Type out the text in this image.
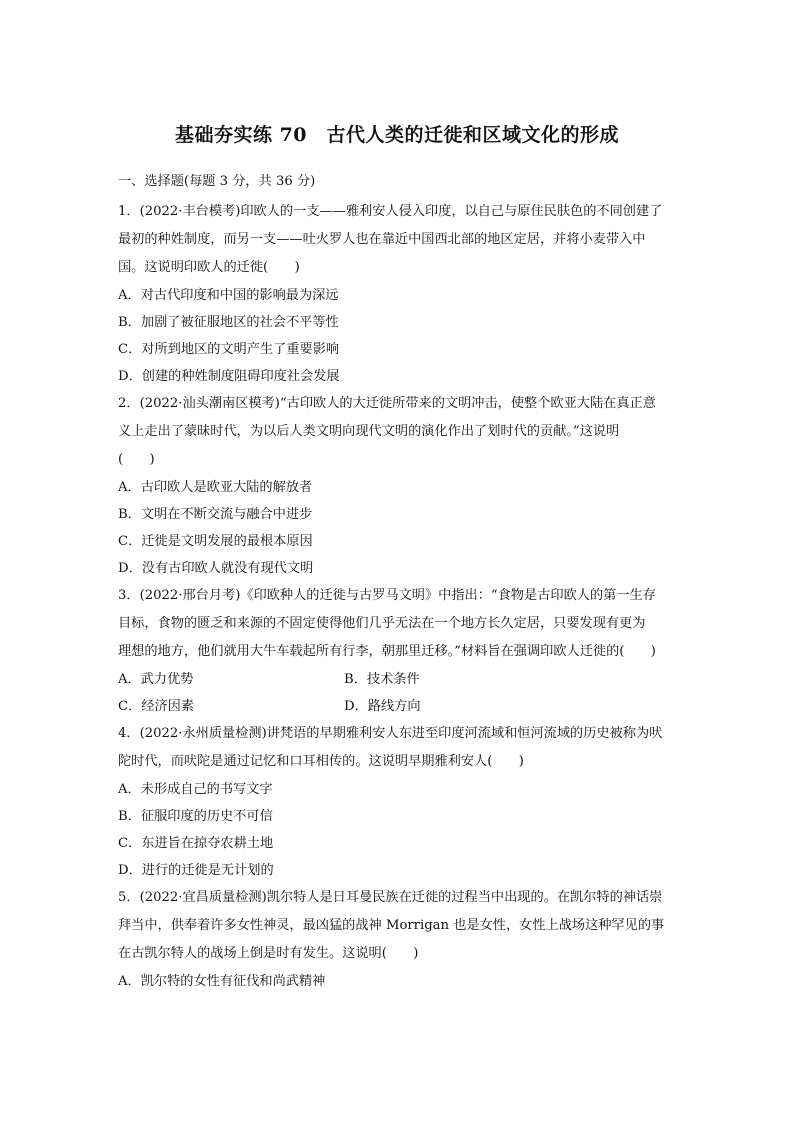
基础夯实练 70　古代人类的迁徙和区域文化的形成
一、选择题(每题 3 分，共 36 分)
1．(2022·丰台模考)印欧人的一支——雅利安人侵入印度，以自己与原住民肤色的不同创建了
最初的种姓制度，而另一支——吐火罗人也在靠近中国西北部的地区定居，并将小麦带入中
国。这说明印欧人的迁徙(　　)
A．对古代印度和中国的影响最为深远
B．加剧了被征服地区的社会不平等性
C．对所到地区的文明产生了重要影响
D．创建的种姓制度阻碍印度社会发展
2．(2022·汕头潮南区模考)“古印欧人的大迁徙所带来的文明冲击，使整个欧亚大陆在真正意
义上走出了蒙昧时代，为以后人类文明向现代文明的演化作出了划时代的贡献。”这说明
(　　)
A．古印欧人是欧亚大陆的解放者
B．文明在不断交流与融合中进步
C．迁徙是文明发展的最根本原因
D．没有古印欧人就没有现代文明
3．(2022·邢台月考)《印欧种人的迁徙与古罗马文明》中指出：“食物是古印欧人的第一生存
目标，食物的匮乏和来源的不固定使得他们几乎无法在一个地方长久定居，只要发现有更为
理想的地方，他们就用大牛车载起所有行李，朝那里迁移。”材料旨在强调印欧人迁徙的(　　)
A．武力优势	B．技术条件
C．经济因素	D．路线方向
4．(2022·永州质量检测)讲梵语的早期雅利安人东进至印度河流域和恒河流域的历史被称为吠
陀时代，而吠陀是通过记忆和口耳相传的。这说明早期雅利安人(　　)
A．未形成自己的书写文字
B．征服印度的历史不可信
C．东进旨在掠夺农耕土地
D．进行的迁徙是无计划的
5．(2022·宜昌质量检测)凯尔特人是日耳曼民族在迁徙的过程当中出现的。在凯尔特的神话崇
拜当中，供奉着许多女性神灵，最凶猛的战神 Morrigan 也是女性，女性上战场这种罕见的事
在古凯尔特人的战场上倒是时有发生。这说明(　　)
A．凯尔特的女性有征伐和尚武精神
